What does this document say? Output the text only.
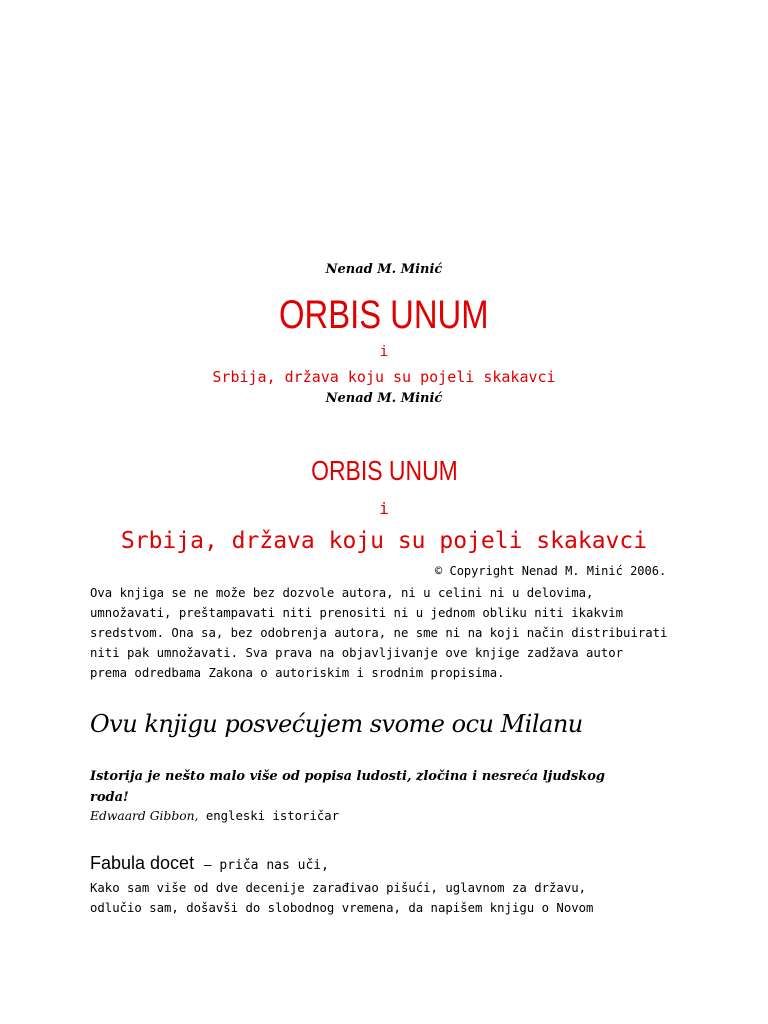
Nenad M. Minić
ORBIS UNUM
i
Srbija, država koju su pojeli skakavci
Nenad M. Minić
ORBIS UNUM
i
Srbija, država koju su pojeli skakavci
© Copyright Nenad M. Minić 2006.
Ova knjiga se ne može bez dozvole autora, ni u celini ni u delovima,
umnožavati, preštampavati niti prenositi ni u jednom obliku niti ikakvim
sredstvom. Ona sa, bez odobrenja autora, ne sme ni na koji način distribuirati
niti pak umnožavati. Sva prava na objavljivanje ove knjige zadžava autor
prema odredbama Zakona o autoriskim i srodnim propisima.
Ovu knjigu posvećujem svome ocu Milanu
Istorija je nešto malo više od popisa ludosti, zločina i nesreća ljudskog
roda!
Edwaard Gibbon, engleski istoričar
Fabula docet – priča nas uči,
Kako sam više od dve decenije zarađivao pišući, uglavnom za državu,
odlučio sam, došavši do slobodnog vremena, da napišem knjigu o Novom
